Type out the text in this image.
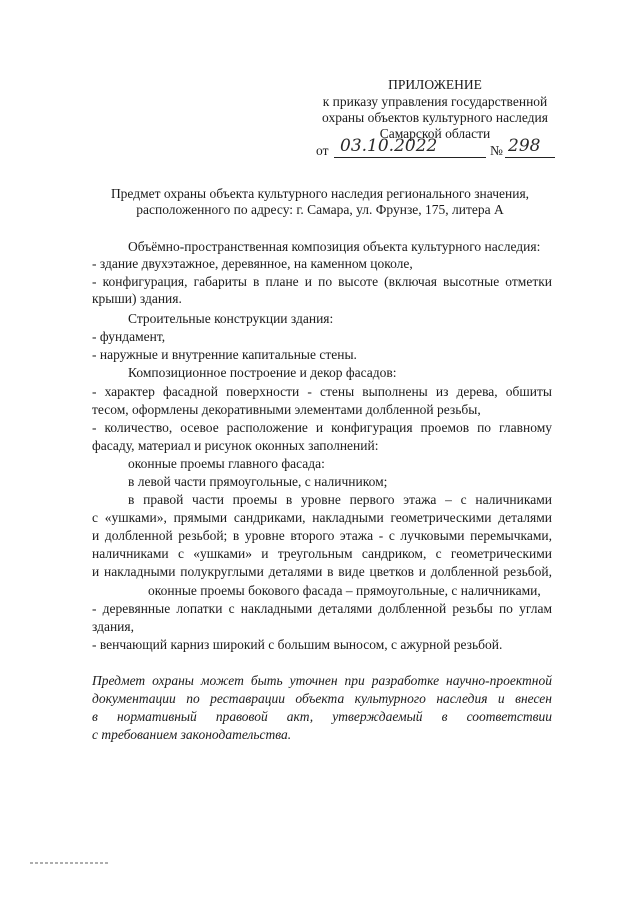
ПРИЛОЖЕНИЕ
к приказу управления государственной
охраны объектов культурного наследия
Самарской области
от 03.10.2022	№ 298
Предмет охраны объекта культурного наследия регионального значения,
расположенного по адресу: г. Самара, ул. Фрунзе, 175, литера А
Объёмно-пространственная композиция объекта культурного наследия:
- здание двухэтажное, деревянное, на каменном цоколе,
- конфигурация, габариты в плане и по высоте (включая высотные отметки
крыши) здания.
Строительные конструкции здания:
- фундамент,
- наружные и внутренние капитальные стены.
Композиционное построение и декор фасадов:
- характер фасадной поверхности - стены выполнены из дерева, обшиты
тесом, оформлены декоративными элементами долбленной резьбы,
- количество, осевое расположение и конфигурация проемов по главному
фасаду, материал и рисунок оконных заполнений:
оконные проемы главного фасада:
в левой части прямоугольные, с наличником;
в правой части проемы в уровне первого этажа – с наличниками
с «ушками», прямыми сандриками, накладными геометрическими деталями
и долбленной резьбой; в уровне второго этажа - с лучковыми перемычками,
наличниками с «ушками» и треугольным сандриком, с геометрическими
и накладными полукруглыми деталями в виде цветков и долбленной резьбой,
оконные проемы бокового фасада – прямоугольные, с наличниками,
- деревянные лопатки с накладными деталями долбленной резьбы по углам
здания,
- венчающий карниз широкий с большим выносом, с ажурной резьбой.
Предмет охраны может быть уточнен при разработке научно-проектной
документации по реставрации объекта культурного наследия и внесен
в нормативный правовой акт, утверждаемый в соответствии
с требованием законодательства.
